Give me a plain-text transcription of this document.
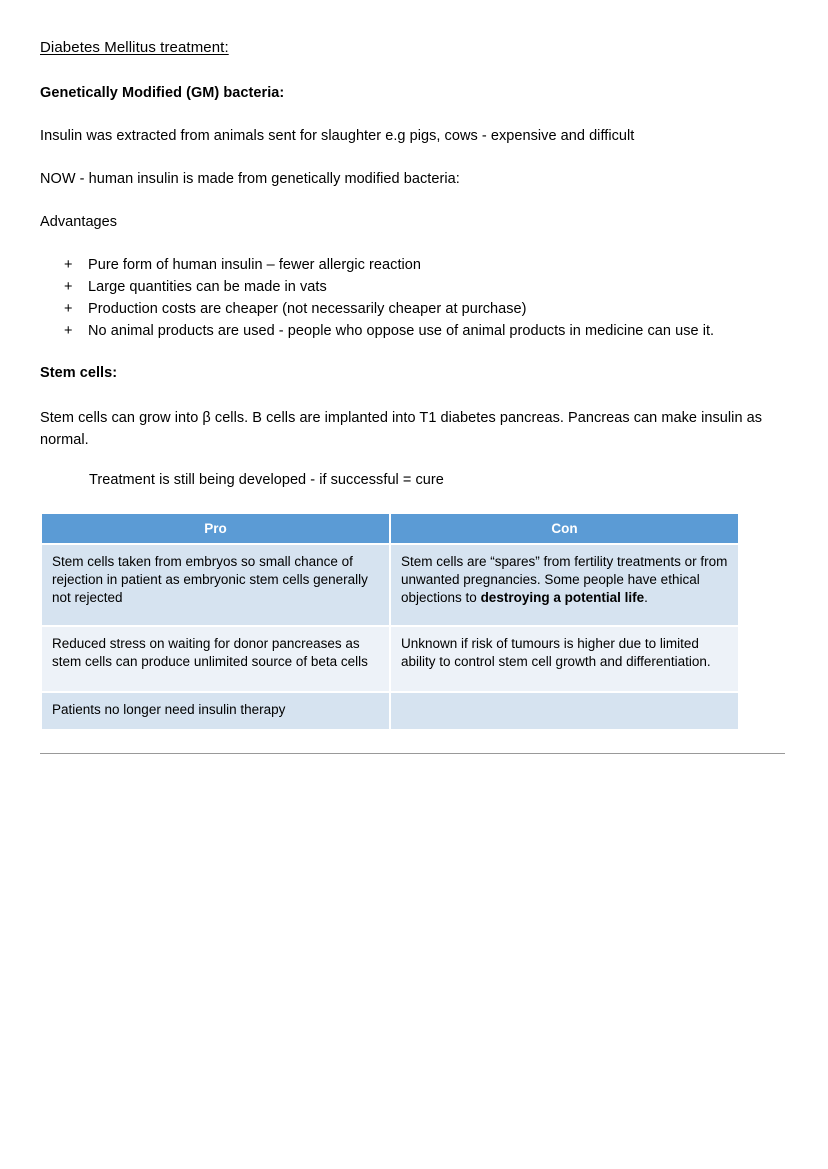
Diabetes Mellitus treatment:
Genetically Modified (GM) bacteria:

Insulin was extracted from animals sent for slaughter e.g pigs, cows - expensive and difficult

NOW - human insulin is made from genetically modified bacteria:

Advantages

+ Pure form of human insulin – fewer allergic reaction
+ Large quantities can be made in vats
+ Production costs are cheaper (not necessarily cheaper at purchase)
+ No animal products are used - people who oppose use of animal products in medicine can use it.
Stem cells:

Stem cells can grow into β cells. B cells are implanted into T1 diabetes pancreas. Pancreas can make insulin as normal.

Treatment is still being developed - if successful = cure

Pro	Con
Stem cells taken from embryos so small chance of rejection in patient as embryonic stem cells generally not rejected	Stem cells are “spares” from fertility treatments or from unwanted pregnancies. Some people have ethical objections to destroying a potential life.
Reduced stress on waiting for donor pancreases as stem cells can produce unlimited source of beta cells	Unknown if risk of tumours is higher due to limited ability to control stem cell growth and differentiation.
Patients no longer need insulin therapy	
